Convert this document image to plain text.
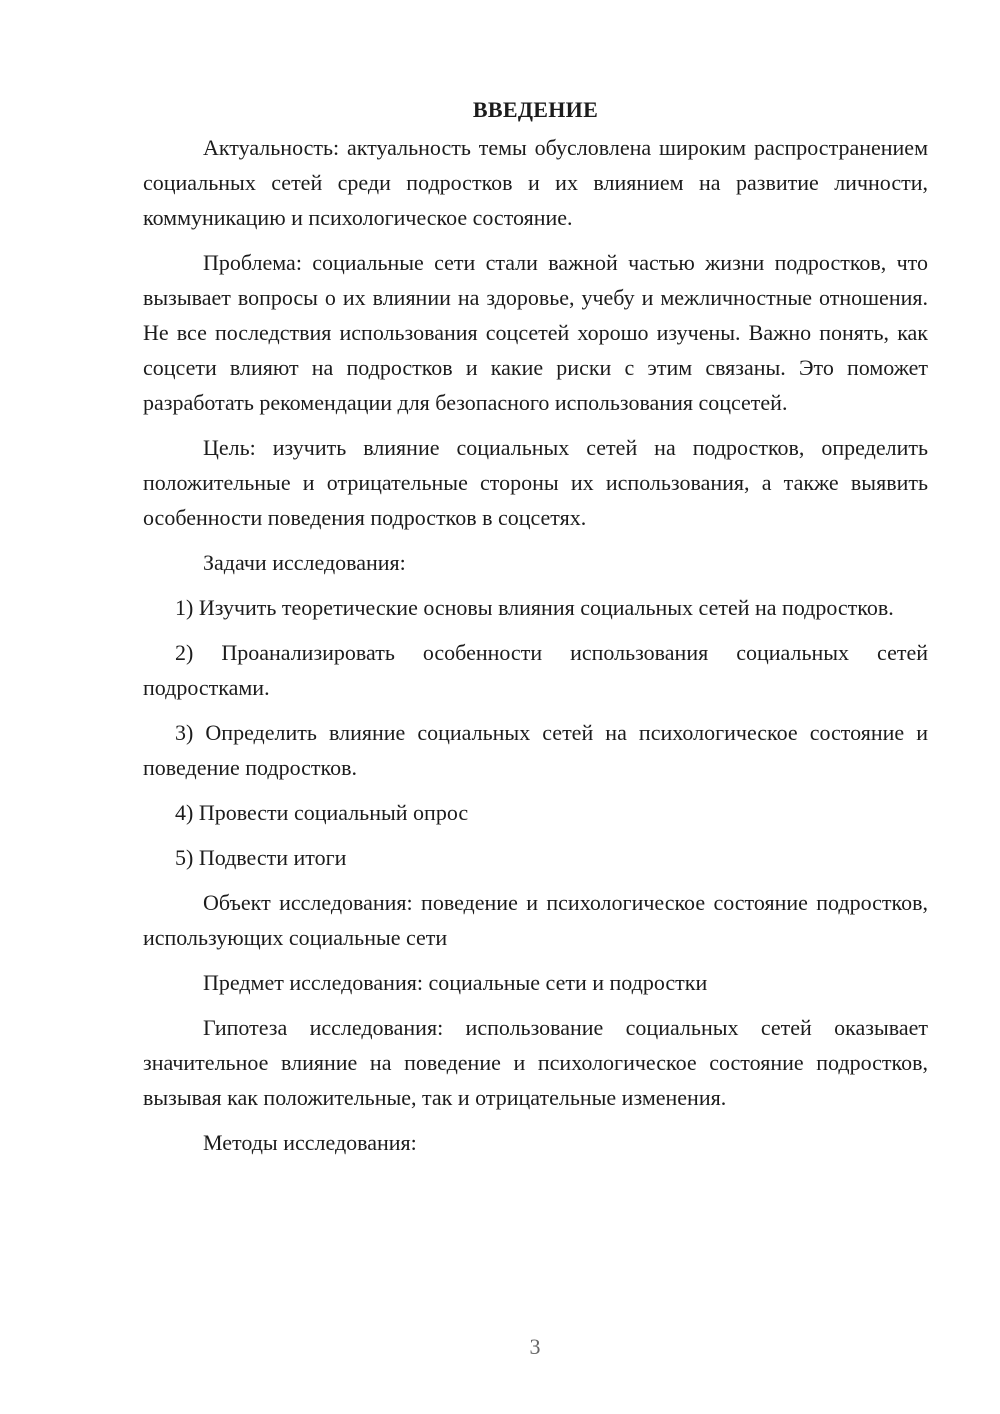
ВВЕДЕНИЕ

Актуальность: актуальность темы обусловлена широким распространением социальных сетей среди подростков и их влиянием на развитие личности, коммуникацию и психологическое состояние.

Проблема: социальные сети стали важной частью жизни подростков, что вызывает вопросы о их влиянии на здоровье, учебу и межличностные отношения. Не все последствия использования соцсетей хорошо изучены. Важно понять, как соцсети влияют на подростков и какие риски с этим связаны. Это поможет разработать рекомендации для безопасного использования соцсетей.

Цель: изучить влияние социальных сетей на подростков, определить положительные и отрицательные стороны их использования, а также выявить особенности поведения подростков в соцсетях.

Задачи исследования:

1) Изучить теоретические основы влияния социальных сетей на подростков.

2) Проанализировать особенности использования социальных сетей подростками.

3) Определить влияние социальных сетей на психологическое состояние и поведение подростков.

4) Провести социальный опрос

5) Подвести итоги

Объект исследования: поведение и психологическое состояние подростков, использующих социальные сети

Предмет исследования: социальные сети и подростки

Гипотеза исследования: использование социальных сетей оказывает значительное влияние на поведение и психологическое состояние подростков, вызывая как положительные, так и отрицательные изменения.

Методы исследования:

3
